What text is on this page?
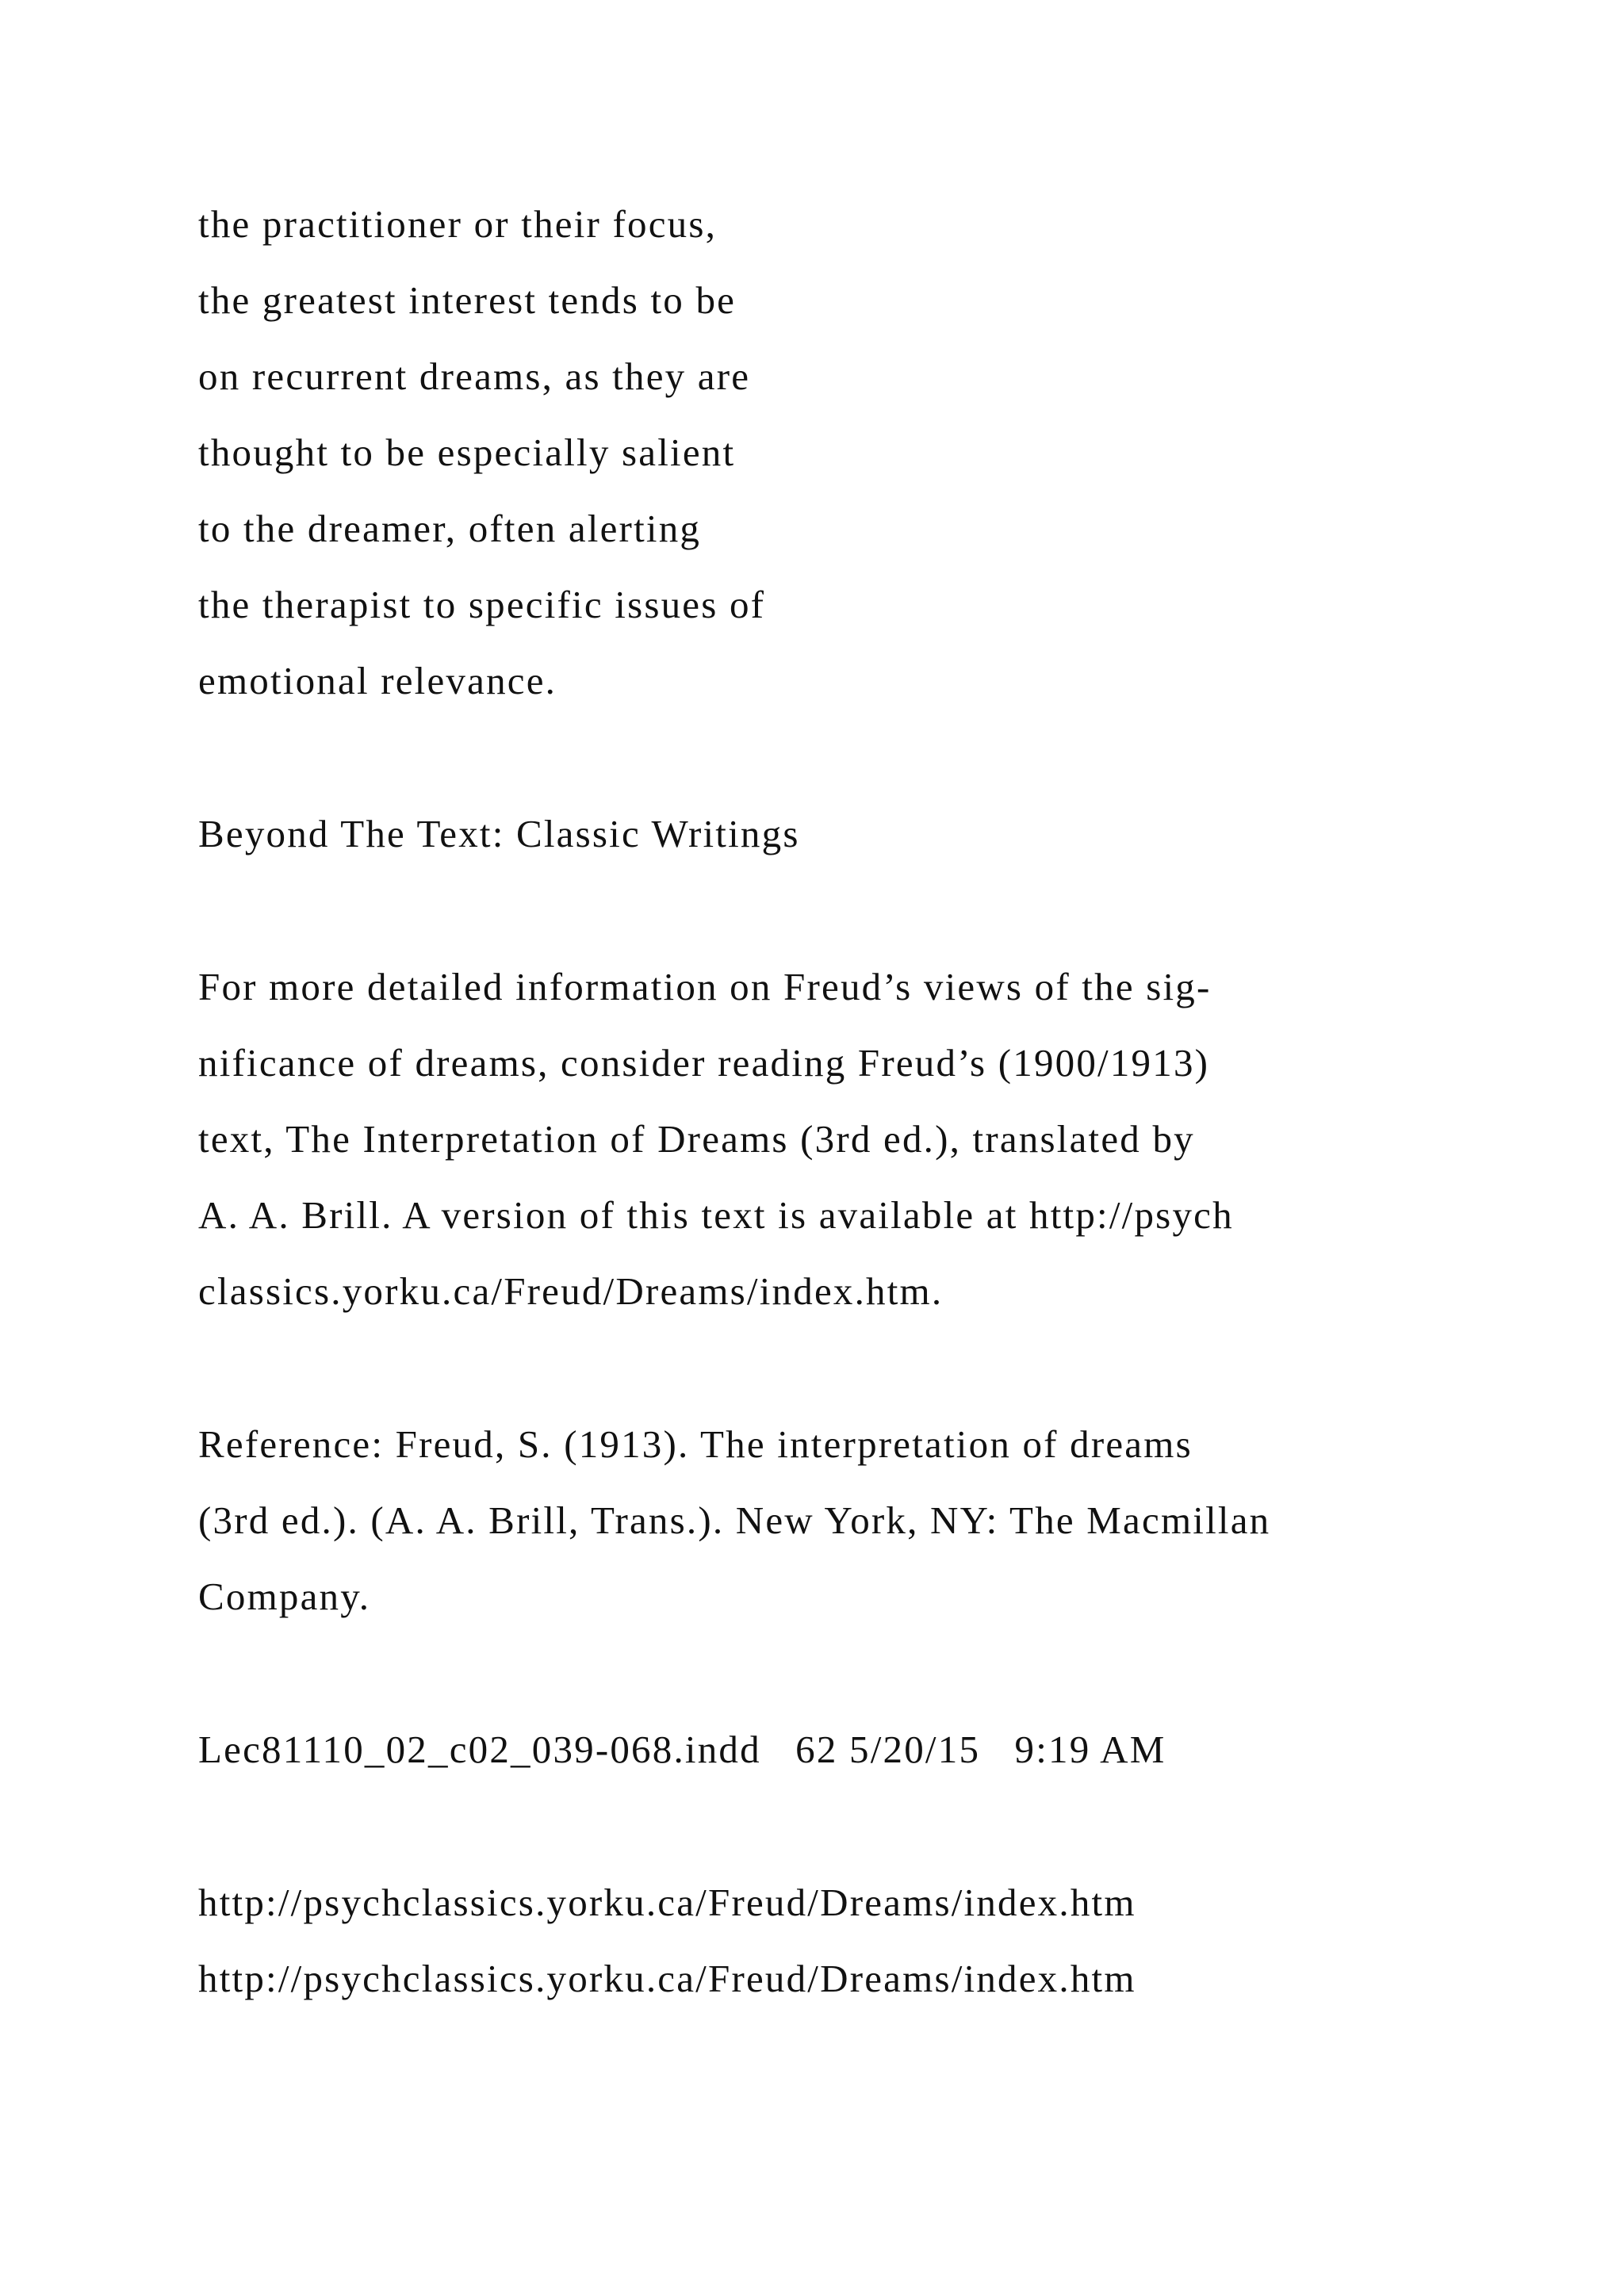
the practitioner or their focus,
the greatest interest tends to be
on recurrent dreams, as they are
thought to be especially salient
to the dreamer, often alerting
the therapist to specific issues of
emotional relevance.
Beyond The Text: Classic Writings
For more detailed information on Freud’s views of the sig-
nificance of dreams, consider reading Freud’s (1900/1913)
text, The Interpretation of Dreams (3rd ed.), translated by
A. A. Brill. A version of this text is available at http://psych
classics.yorku.ca/Freud/Dreams/index.htm.
Reference: Freud, S. (1913). The interpretation of dreams
(3rd ed.). (A. A. Brill, Trans.). New York, NY: The Macmillan
Company.
Lec81110_02_c02_039-068.indd   62 5/20/15   9:19 AM
http://psychclassics.yorku.ca/Freud/Dreams/index.htm
http://psychclassics.yorku.ca/Freud/Dreams/index.htm
